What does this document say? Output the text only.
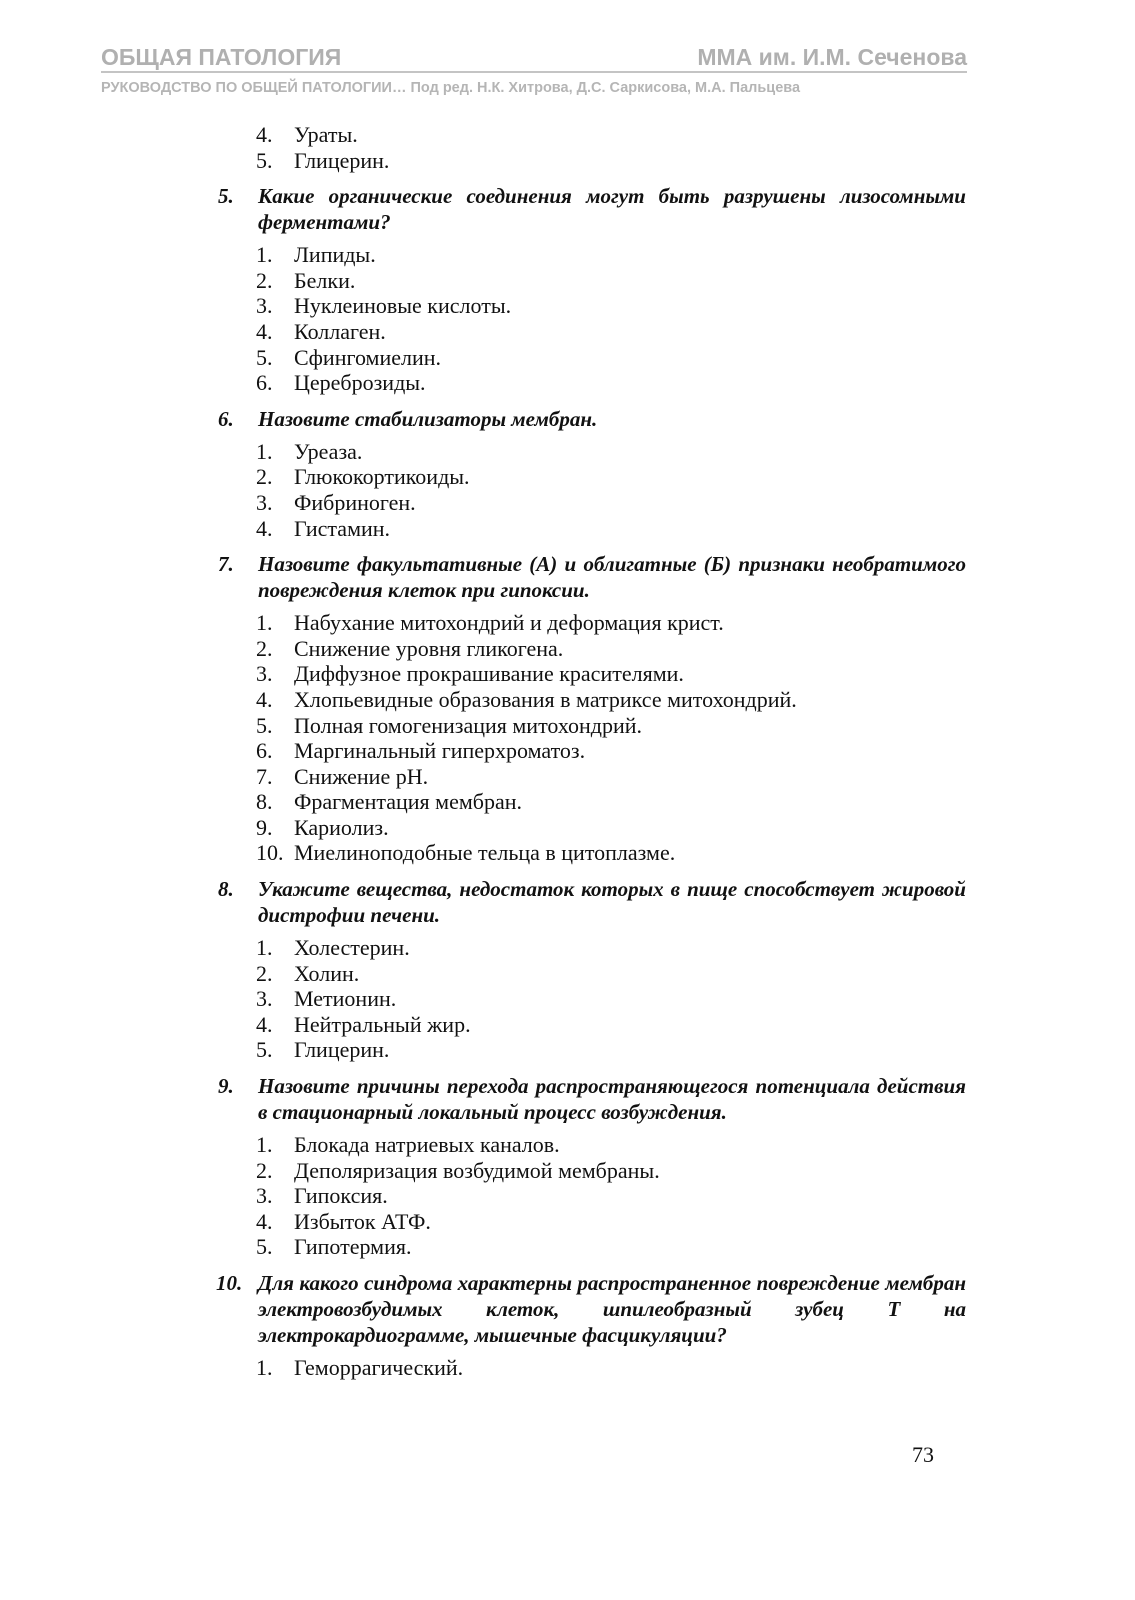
ОБЩАЯ ПАТОЛОГИЯ	ММА им. И.М. Сеченова
РУКОВОДСТВО ПО ОБЩЕЙ ПАТОЛОГИИ… Под ред. Н.К. Хитрова, Д.С. Саркисова, М.А. Пальцева
4. Ураты.
5. Глицерин.
5. Какие органические соединения могут быть разрушены лизосомными ферментами?
1. Липиды.
2. Белки.
3. Нуклеиновые кислоты.
4. Коллаген.
5. Сфингомиелин.
6. Цереброзиды.
6. Назовите стабилизаторы мембран.
1. Уреаза.
2. Глюкокортикоиды.
3. Фибриноген.
4. Гистамин.
7. Назовите факультативные (А) и облигатные (Б) признаки необратимого повреждения клеток при гипоксии.
1. Набухание митохондрий и деформация крист.
2. Снижение уровня гликогена.
3. Диффузное прокрашивание красителями.
4. Хлопьевидные образования в матриксе митохондрий.
5. Полная гомогенизация митохондрий.
6. Маргинальный гиперхроматоз.
7. Снижение рН.
8. Фрагментация мембран.
9. Кариолиз.
10. Миелиноподобные тельца в цитоплазме.
8. Укажите вещества, недостаток которых в пище способствует жировой дистрофии печени.
1. Холестерин.
2. Холин.
3. Метионин.
4. Нейтральный жир.
5. Глицерин.
9. Назовите причины перехода распространяющегося потенциала действия в стационарный локальный процесс возбуждения.
1. Блокада натриевых каналов.
2. Деполяризация возбудимой мембраны.
3. Гипоксия.
4. Избыток АТФ.
5. Гипотермия.
10. Для какого синдрома характерны распространенное повреждение мембран электровозбудимых клеток, шпилеобразный зубец Т на электрокардиограмме, мышечные фасцикуляции?
1. Геморрагический.
73
